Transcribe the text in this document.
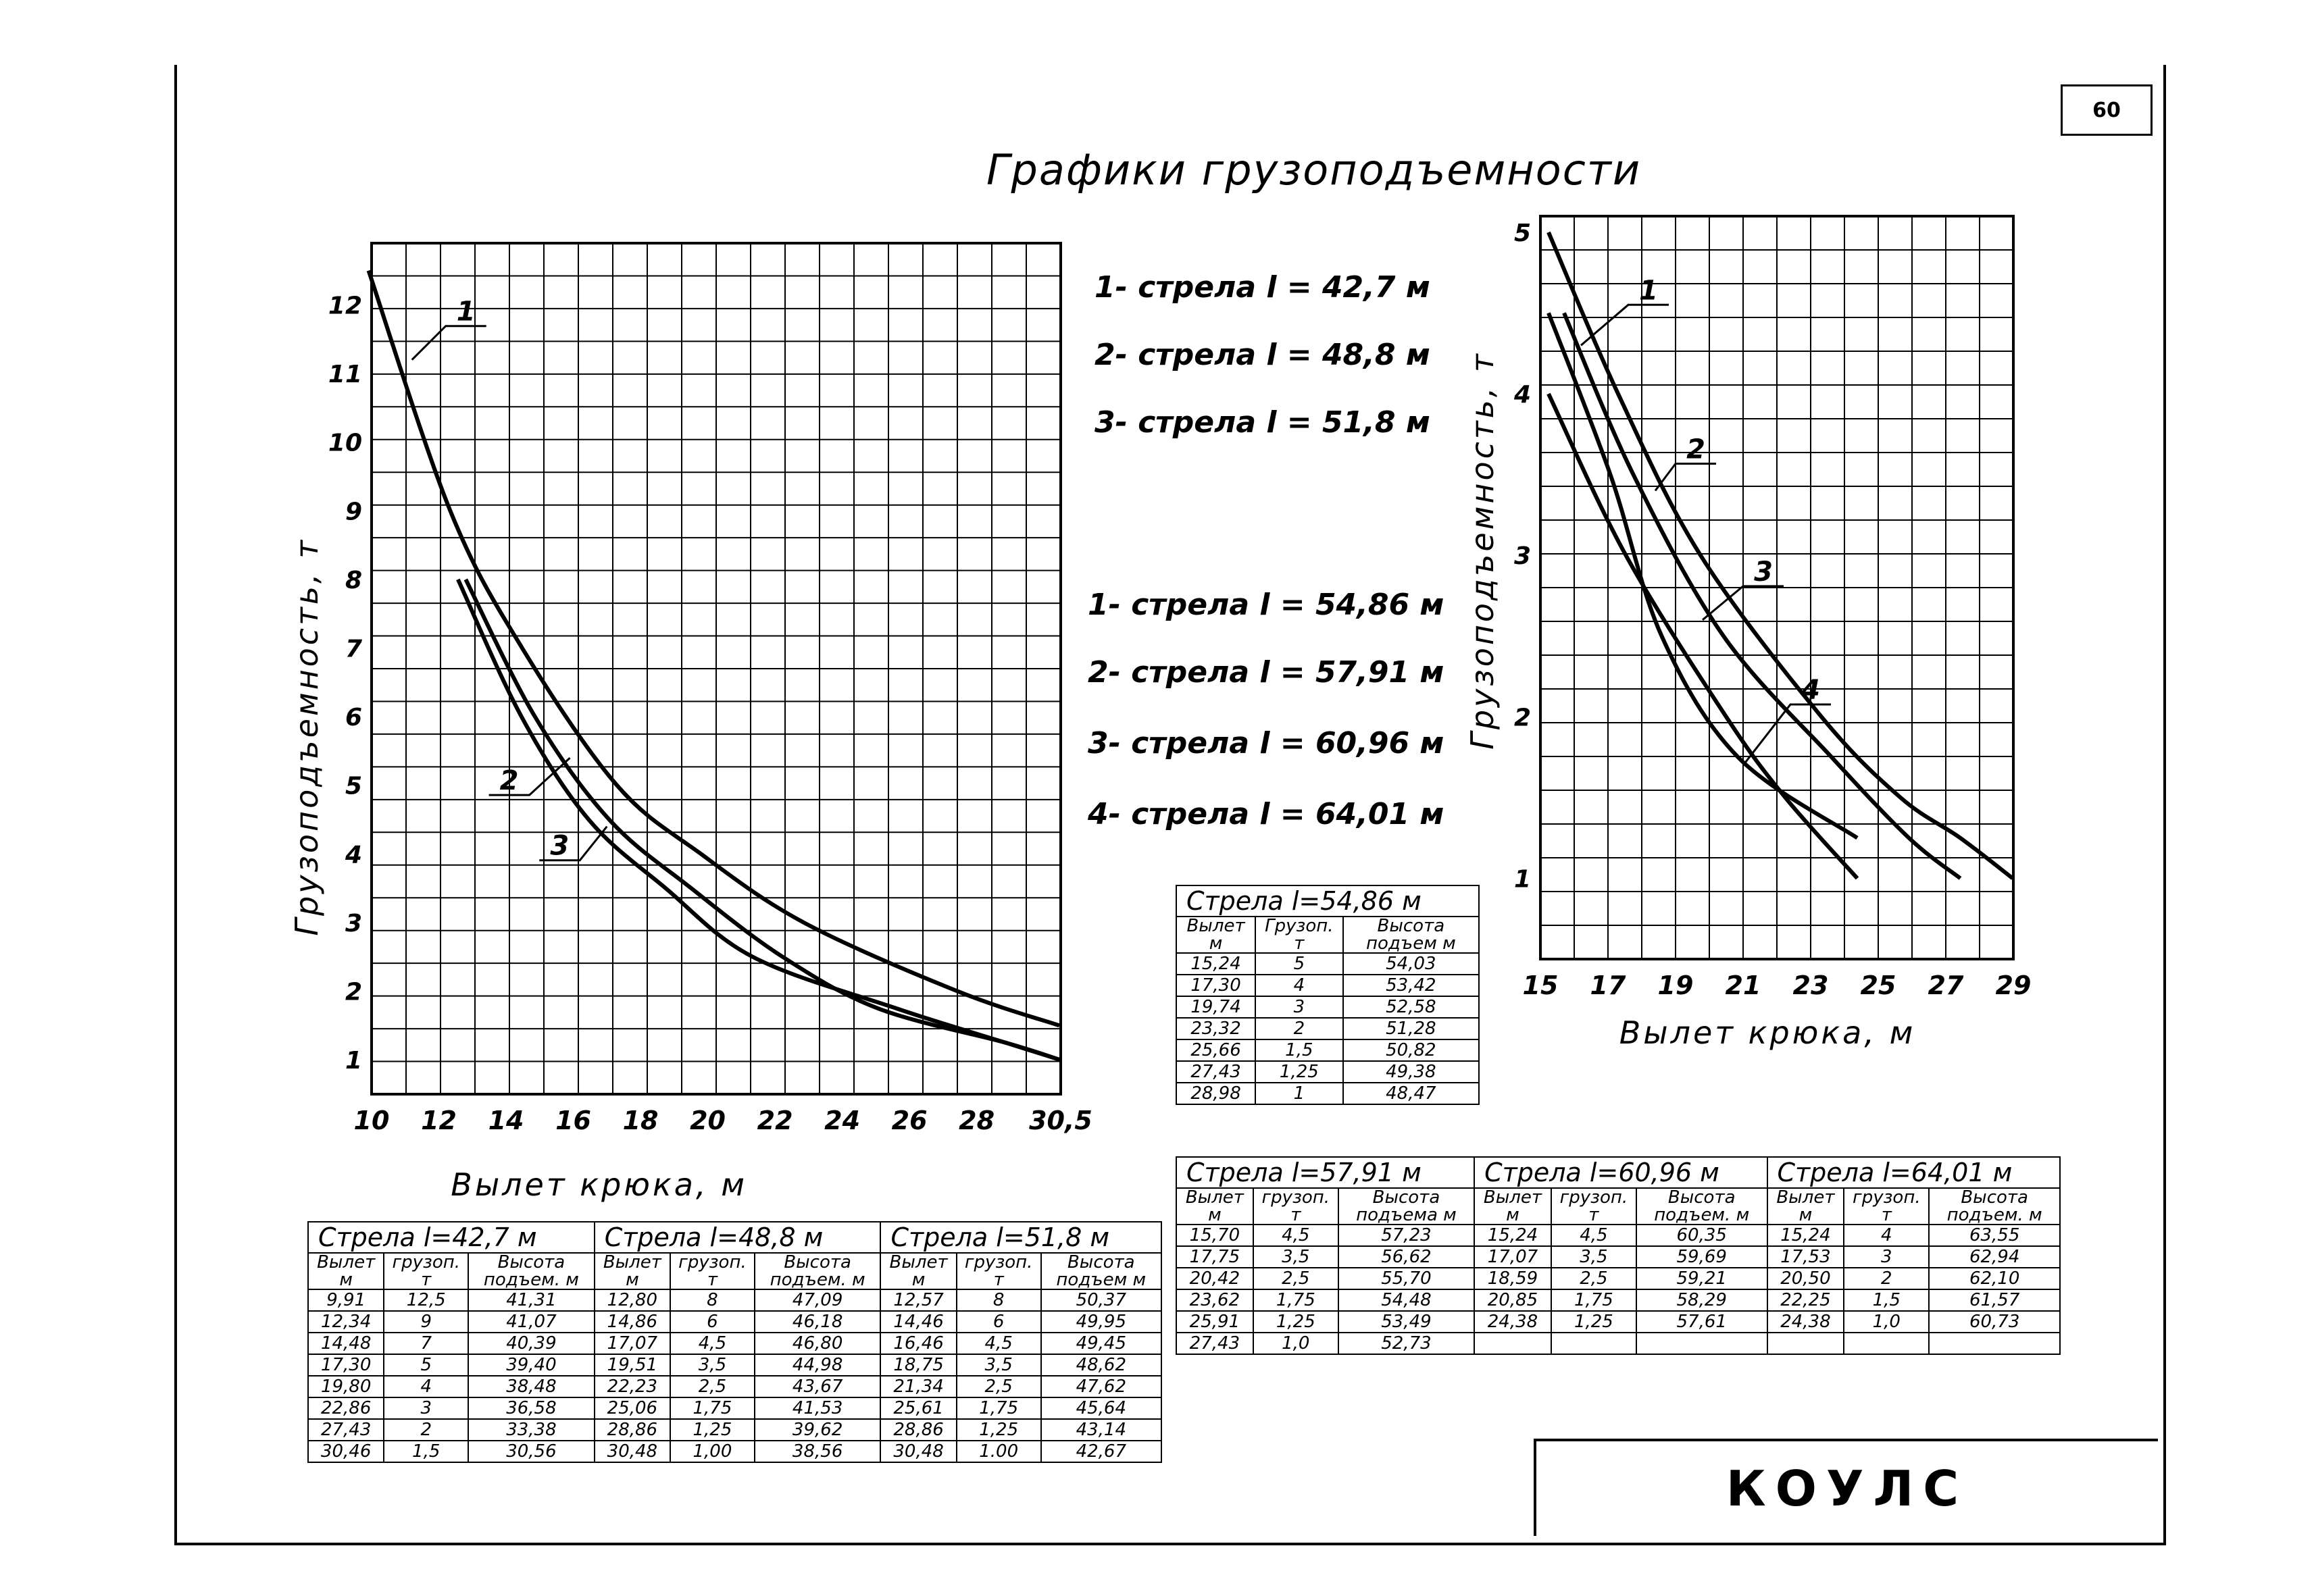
60
Графики грузоподъемности
1- стрела l = 42,7 м
2- стрела l = 48,8 м
3- стрела l = 51,8 м
1- стрела l = 54,86 м
2- стрела l = 57,91 м
3- стрела l = 60,96 м
4- стрела l = 64,01 м
10 12 14 16 18 20 22 24 26 28 30,5
1
2
3
4
5
6
7
8
9
10
11
12
Вылет крюка, м
Грузоподъемность, т
1
2
3
15 17 19 21 23 25 27 29
1
2
3
4
5
Вылет крюка, м
Грузоподъемность, т
1
2
3
4
Стрела l=54,86 м		
Вылет м	Грузоп. т	Высота подъем м
15,24	5	54,03
17,30	4	53,42
19,74	3	52,58
23,32	2	51,28
25,66	1,5	50,82
27,43	1,25	49,38
28,98	1	48,47
Стрела l=57,91 м			Стрела l=60,96 м			Стрела l=64,01 м		
Вылет м	грузоп. т	Высота подъема м	Вылет м	грузоп. т	Высота подъем. м	Вылет м	грузоп. т	Высота подъем. м
15,70	4,5	57,23	15,24	4,5	60,35	15,24	4	63,55
17,75	3,5	56,62	17,07	3,5	59,69	17,53	3	62,94
20,42	2,5	55,70	18,59	2,5	59,21	20,50	2	62,10
23,62	1,75	54,48	20,85	1,75	58,29	22,25	1,5	61,57
25,91	1,25	53,49	24,38	1,25	57,61	24,38	1,0	60,73
27,43	1,0	52,73						
Стрела l=42,7 м			Стрела l=48,8 м			Стрела l=51,8 м		
Вылет м	грузоп. т	Высота подъем. м	Вылет м	грузоп. т	Высота подъем. м	Вылет м	грузоп. т	Высота подъем м
9,91	12,5	41,31	12,80	8	47,09	12,57	8	50,37
12,34	9	41,07	14,86	6	46,18	14,46	6	49,95
14,48	7	40,39	17,07	4,5	46,80	16,46	4,5	49,45
17,30	5	39,40	19,51	3,5	44,98	18,75	3,5	48,62
19,80	4	38,48	22,23	2,5	43,67	21,34	2,5	47,62
22,86	3	36,58	25,06	1,75	41,53	25,61	1,75	45,64
27,43	2	33,38	28,86	1,25	39,62	28,86	1,25	43,14
30,46	1,5	30,56	30,48	1,00	38,56	30,48	1.00	42,67
КОУЛС
